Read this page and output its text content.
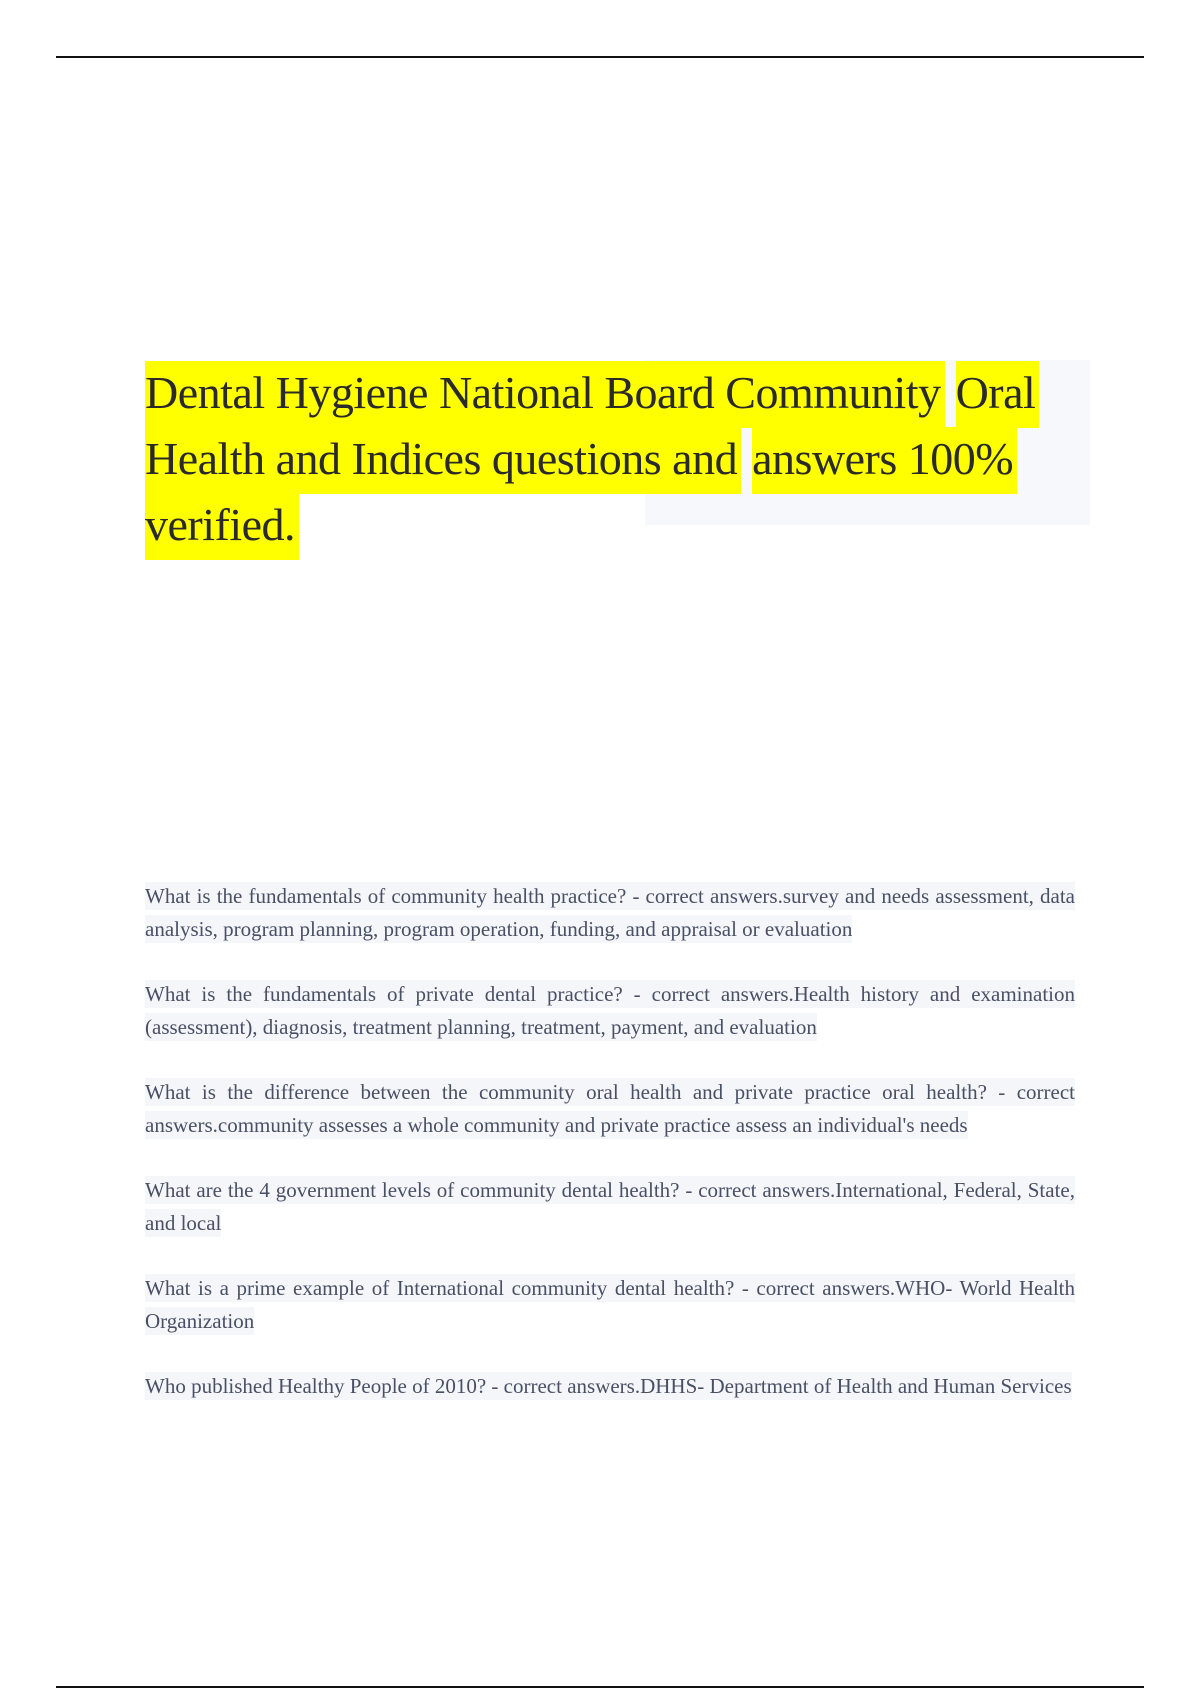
Dental Hygiene National Board Community Oral Health and Indices questions and answers 100% verified.

What is the fundamentals of community health practice? - correct answers.survey and needs assessment, data analysis, program planning, program operation, funding, and appraisal or evaluation

What is the fundamentals of private dental practice? - correct answers.Health history and examination (assessment), diagnosis, treatment planning, treatment, payment, and evaluation

What is the difference between the community oral health and private practice oral health? - correct answers.community assesses a whole community and private practice assess an individual's needs

What are the 4 government levels of community dental health? - correct answers.International, Federal, State, and local

What is a prime example of International community dental health? - correct answers.WHO- World Health Organization

Who published Healthy People of 2010? - correct answers.DHHS- Department of Health and Human Services
